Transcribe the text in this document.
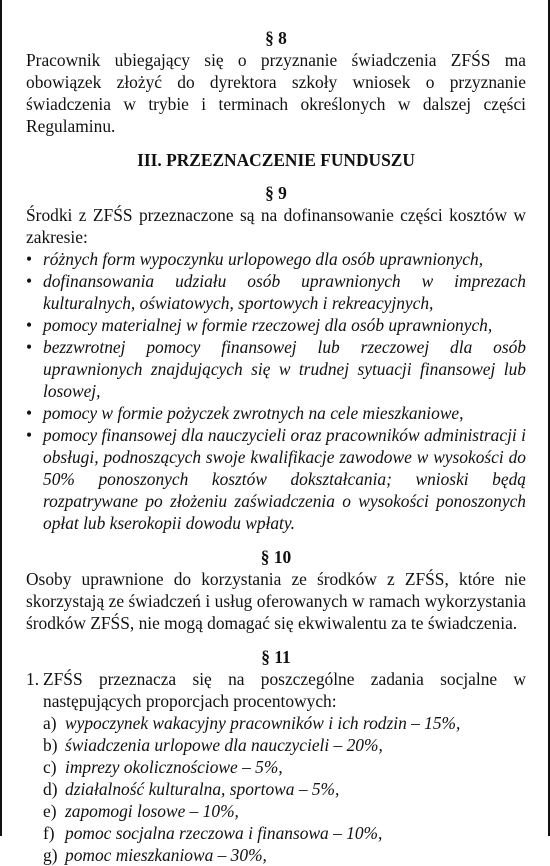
§ 8

Pracownik ubiegający się o przyznanie świadczenia ZFŚS ma obowiązek złożyć do dyrektora szkoły wniosek o przyznanie świadczenia w trybie i terminach określonych w dalszej części Regulaminu.

III. PRZEZNACZENIE FUNDUSZU

§ 9

Środki z ZFŚS przeznaczone są na dofinansowanie części kosztów w zakresie:

• różnych form wypoczynku urlopowego dla osób uprawnionych,
• dofinansowania udziału osób uprawnionych w imprezach kulturalnych, oświatowych, sportowych i rekreacyjnych,
• pomocy materialnej w formie rzeczowej dla osób uprawnionych,
• bezzwrotnej pomocy finansowej lub rzeczowej dla osób uprawnionych znajdujących się w trudnej sytuacji finansowej lub losowej,
• pomocy w formie pożyczek zwrotnych na cele mieszkaniowe,
• pomocy finansowej dla nauczycieli oraz pracowników administracji i obsługi, podnoszących swoje kwalifikacje zawodowe w wysokości do 50% ponoszonych kosztów dokształcania; wnioski będą rozpatrywane po złożeniu zaświadczenia o wysokości ponoszonych opłat lub kserokopii dowodu wpłaty.

§ 10

Osoby uprawnione do korzystania ze środków z ZFŚS, które nie skorzystają ze świadczeń i usług oferowanych w ramach wykorzystania środków ZFŚS, nie mogą domagać się ekwiwalentu za te świadczenia.

§ 11

1. ZFŚS przeznacza się na poszczególne zadania socjalne w następujących proporcjach procentowych:
a) wypoczynek wakacyjny pracowników i ich rodzin – 15%,
b) świadczenia urlopowe dla nauczycieli – 20%,
c) imprezy okolicznościowe – 5%,
d) działalność kulturalna, sportowa – 5%,
e) zapomogi losowe – 10%,
f) pomoc socjalna rzeczowa i finansowa – 10%,
g) pomoc mieszkaniowa – 30%,
